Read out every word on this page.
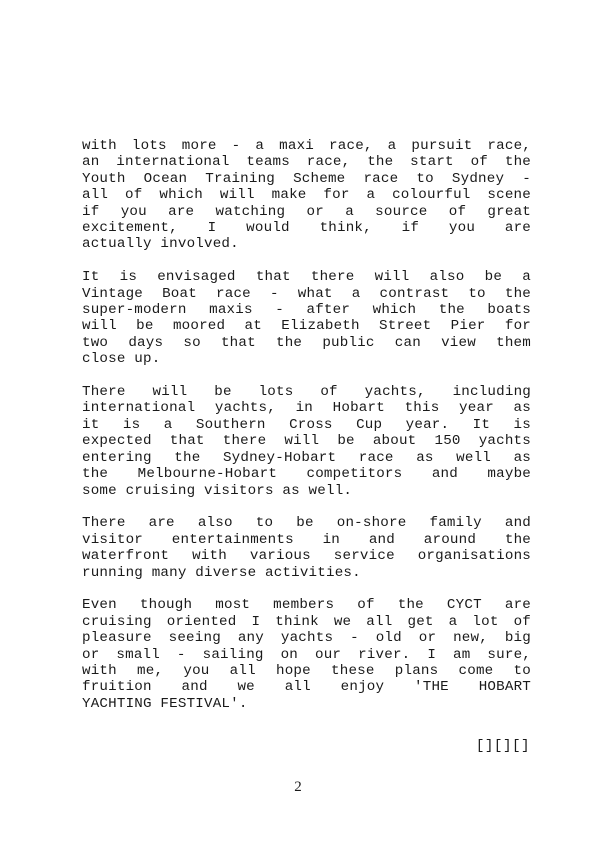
with lots more - a maxi race, a pursuit race,
an international teams race, the start of the
Youth Ocean Training Scheme race to Sydney -
all of which will make for a colourful scene
if you are watching or a source of great
excitement, I would think, if you are
actually involved.

It is envisaged that there will also be a
Vintage Boat race - what a contrast to the
super-modern maxis - after which the boats
will be moored at Elizabeth Street Pier for
two days so that the public can view them
close up.

There will be lots of yachts, including
international yachts, in Hobart this year as
it is a Southern Cross Cup year. It is
expected that there will be about 150 yachts
entering the Sydney-Hobart race as well as
the Melbourne-Hobart competitors and maybe
some cruising visitors as well.

There are also to be on-shore family and
visitor entertainments in and around the
waterfront with various service organisations
running many diverse activities.

Even though most members of the CYCT are
cruising oriented I think we all get a lot of
pleasure seeing any yachts - old or new, big
or small - sailing on our river. I am sure,
with me, you all hope these plans come to
fruition and we all enjoy 'THE HOBART
YACHTING FESTIVAL'.

[][][]
2
